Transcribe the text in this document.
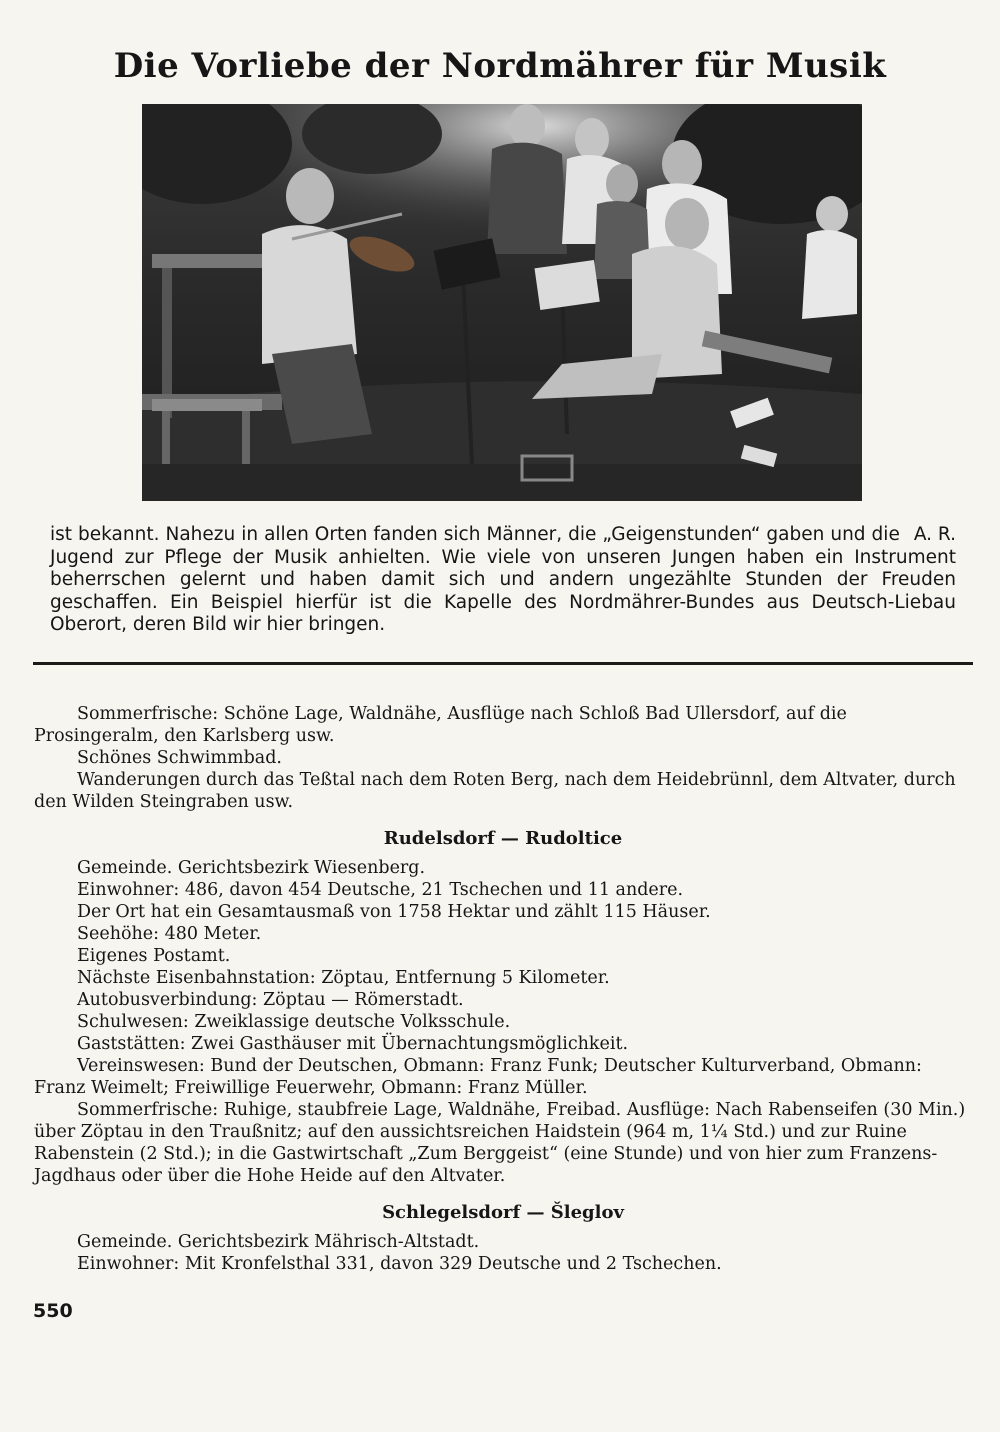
Die Vorliebe der Nordmährer für Musik

A. R.
ist bekannt. Nahezu in allen Orten fanden sich Männer, die „Geigenstunden“ gaben und die Jugend zur Pflege der Musik anhielten. Wie viele von unseren Jungen haben ein Instrument beherrschen gelernt und haben damit sich und andern ungezählte Stunden der Freuden geschaffen. Ein Beispiel hierfür ist die Kapelle des Nordmährer-Bundes aus Deutsch-Liebau Oberort, deren Bild wir hier bringen.

Sommerfrische: Schöne Lage, Waldnähe, Ausflüge nach Schloß Bad Ullersdorf, auf die Prosingeralm, den Karlsberg usw.

Schönes Schwimmbad.

Wanderungen durch das Teßtal nach dem Roten Berg, nach dem Heidebrünnl, dem Altvater, durch den Wilden Steingraben usw.

Rudelsdorf — Rudoltice

Gemeinde. Gerichtsbezirk Wiesenberg.

Einwohner: 486, davon 454 Deutsche, 21 Tschechen und 11 andere.

Der Ort hat ein Gesamtausmaß von 1758 Hektar und zählt 115 Häuser.

Seehöhe: 480 Meter.

Eigenes Postamt.

Nächste Eisenbahnstation: Zöptau, Entfernung 5 Kilometer.

Autobusverbindung: Zöptau — Römerstadt.

Schulwesen: Zweiklassige deutsche Volksschule.

Gaststätten: Zwei Gasthäuser mit Übernachtungsmöglichkeit.

Vereinswesen: Bund der Deutschen, Obmann: Franz Funk; Deutscher Kulturverband, Obmann: Franz Weimelt; Freiwillige Feuerwehr, Obmann: Franz Müller.

Sommerfrische: Ruhige, staubfreie Lage, Waldnähe, Freibad. Ausflüge: Nach Rabenseifen (30 Min.) über Zöptau in den Traußnitz; auf den aussichtsreichen Haidstein (964 m, 1¼ Std.) und zur Ruine Rabenstein (2 Std.); in die Gastwirtschaft „Zum Berggeist“ (eine Stunde) und von hier zum Franzens-Jagdhaus oder über die Hohe Heide auf den Altvater.

Schlegelsdorf — Šleglov

Gemeinde. Gerichtsbezirk Mährisch-Altstadt.

Einwohner: Mit Kronfelsthal 331, davon 329 Deutsche und 2 Tschechen.

550
